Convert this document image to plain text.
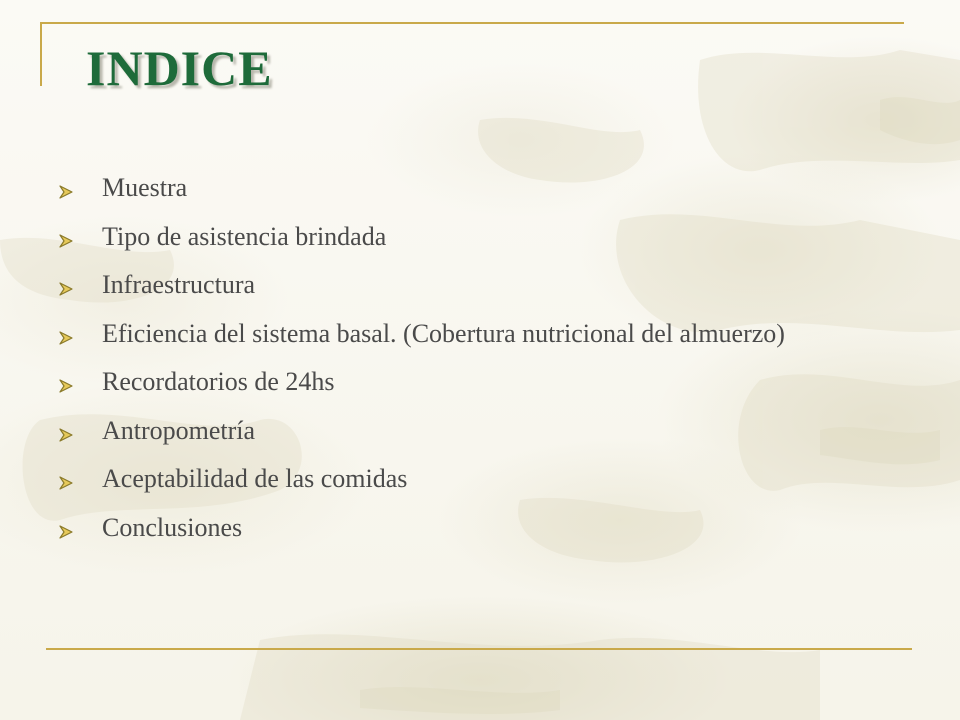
INDICE
Muestra
Tipo de asistencia brindada
Infraestructura
Eficiencia del sistema basal. (Cobertura nutricional del almuerzo)
Recordatorios de 24hs
Antropometría
Aceptabilidad de las comidas
Conclusiones
